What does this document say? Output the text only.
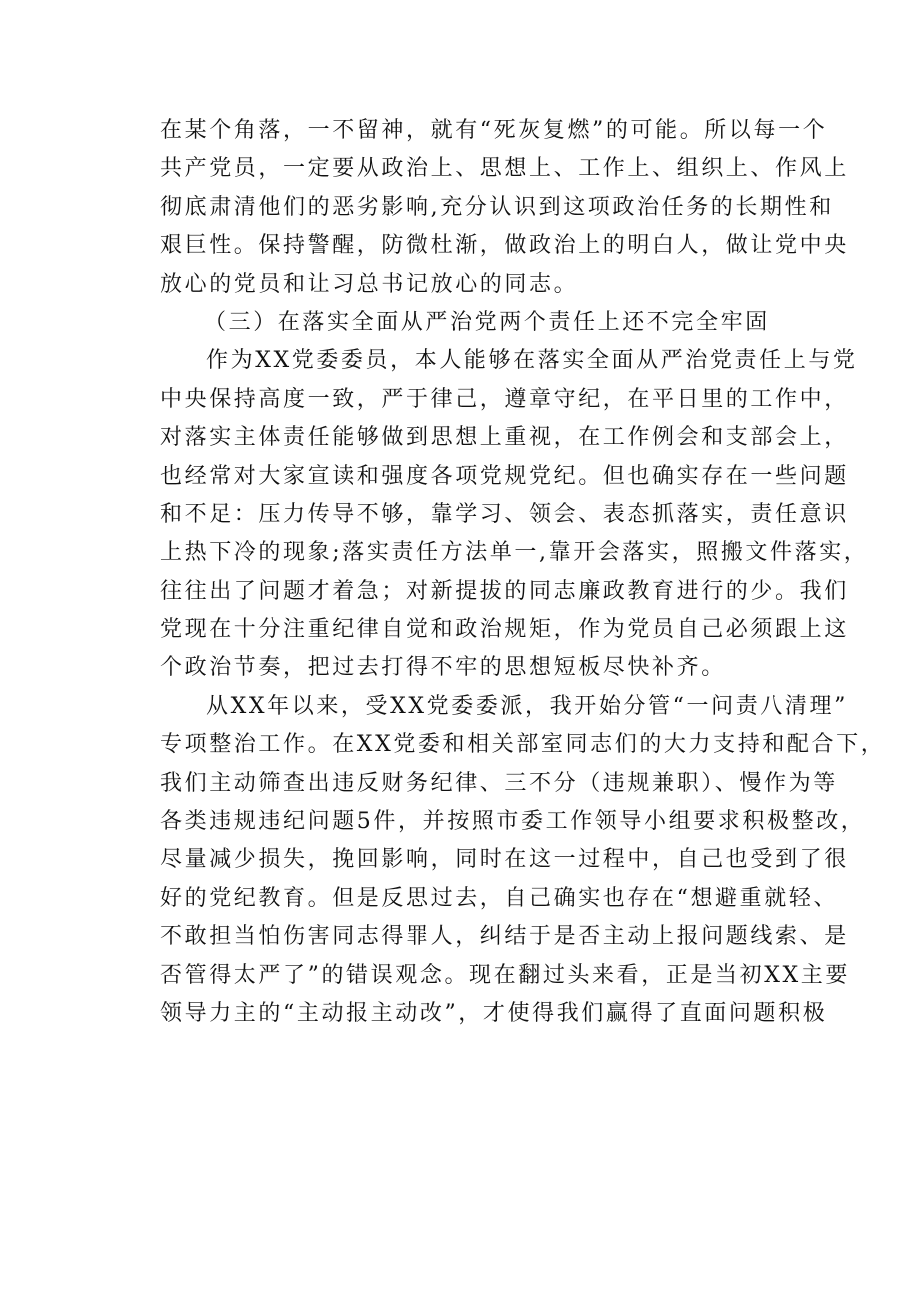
在某个角落，一不留神，就有“死灰复燃”的可能。所以每一个
共产党员，一定要从政治上、思想上、工作上、组织上、作风上
彻底肃清他们的恶劣影响,充分认识到这项政治任务的长期性和
艰巨性。保持警醒，防微杜渐，做政治上的明白人，做让党中央
放心的党员和让习总书记放心的同志。
（三）在落实全面从严治党两个责任上还不完全牢固
作为XX党委委员，本人能够在落实全面从严治党责任上与党
中央保持高度一致，严于律己，遵章守纪，在平日里的工作中，
对落实主体责任能够做到思想上重视，在工作例会和支部会上，
也经常对大家宣读和强度各项党规党纪。但也确实存在一些问题
和不足：压力传导不够，靠学习、领会、表态抓落实，责任意识
上热下冷的现象;落实责任方法单一,靠开会落实，照搬文件落实，
往往出了问题才着急；对新提拔的同志廉政教育进行的少。我们
党现在十分注重纪律自觉和政治规矩，作为党员自己必须跟上这
个政治节奏，把过去打得不牢的思想短板尽快补齐。
从XX年以来，受XX党委委派，我开始分管“一问责八清理”
专项整治工作。在XX党委和相关部室同志们的大力支持和配合下，
我们主动筛查出违反财务纪律、三不分（违规兼职）、慢作为等
各类违规违纪问题5件，并按照市委工作领导小组要求积极整改，
尽量减少损失，挽回影响，同时在这一过程中，自己也受到了很
好的党纪教育。但是反思过去，自己确实也存在“想避重就轻、
不敢担当怕伤害同志得罪人，纠结于是否主动上报问题线索、是
否管得太严了”的错误观念。现在翻过头来看，正是当初XX主要
领导力主的“主动报主动改”，才使得我们赢得了直面问题积极
